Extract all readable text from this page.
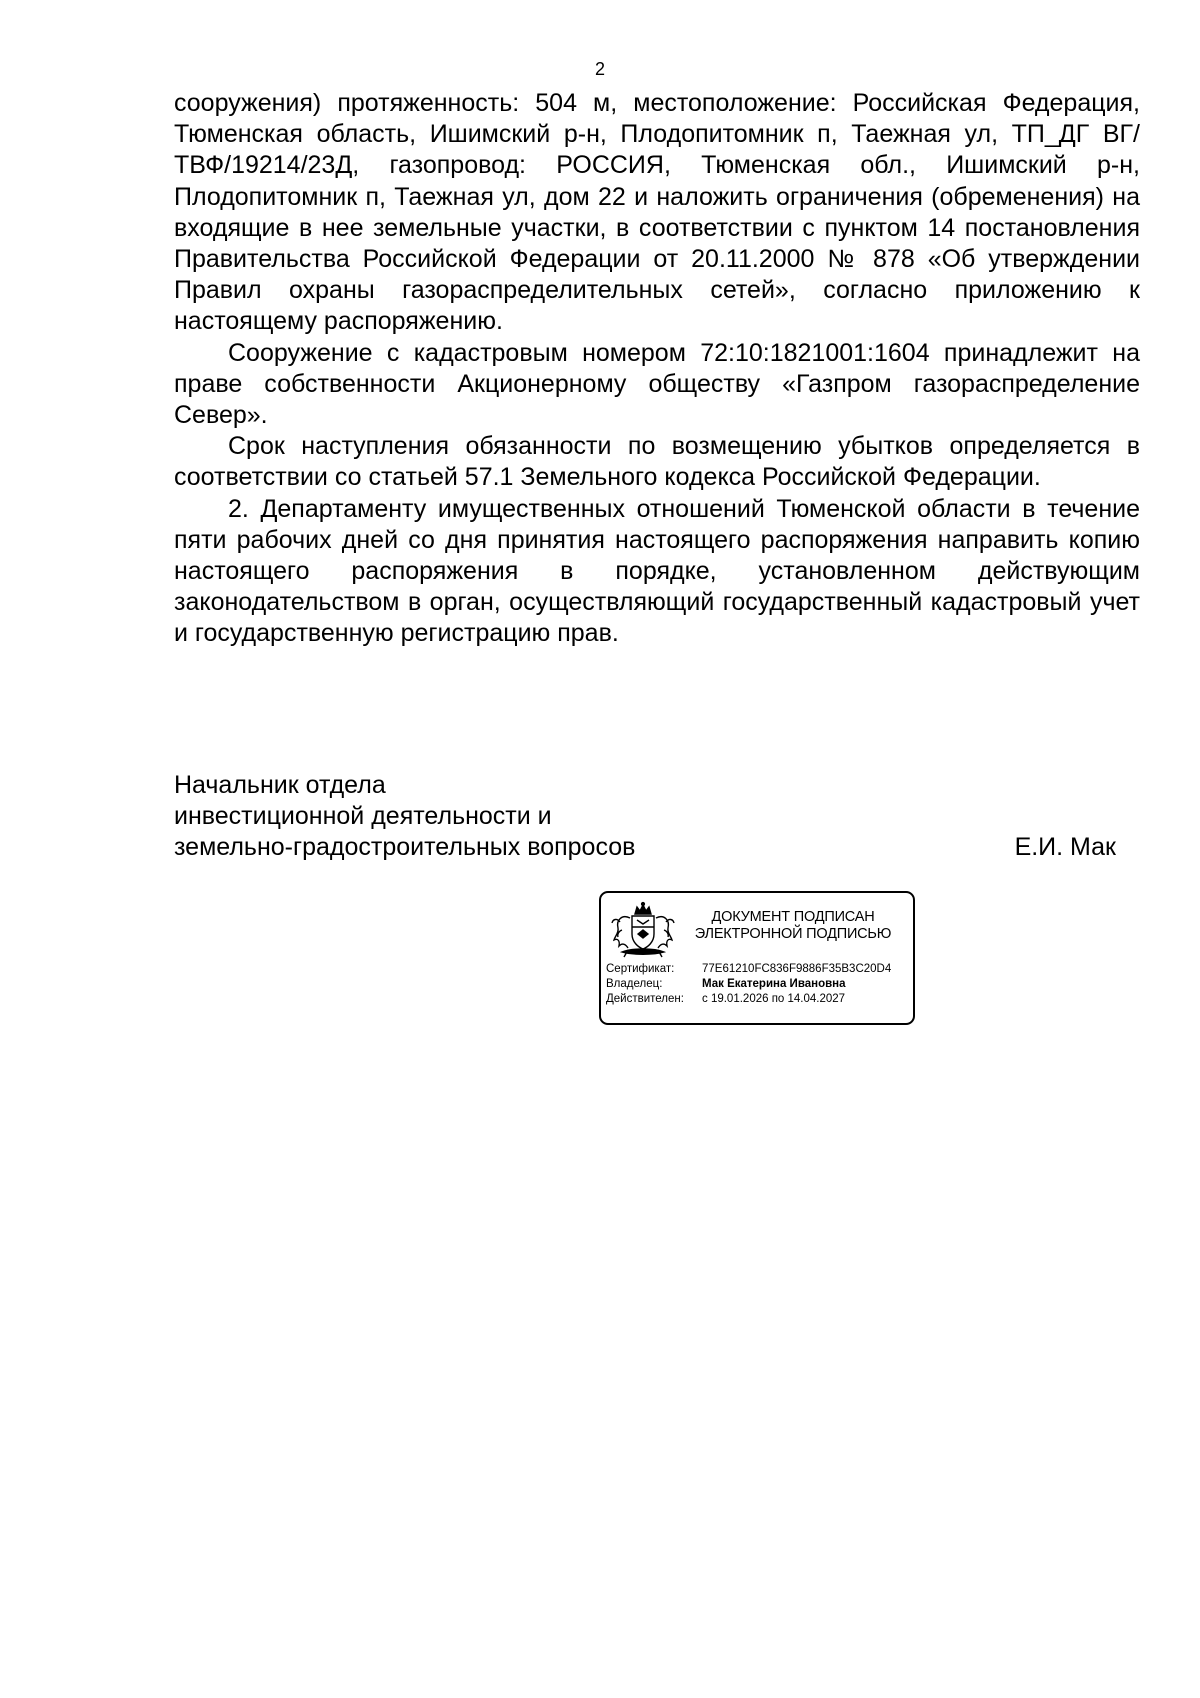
2

сооружения) протяженность: 504 м, местоположение: Российская Федерация, Тюменская область, Ишимский р-н, Плодопитомник п, Таежная ул, ТП_ДГ ВГ/ТВФ/19214/23Д, газопровод: РОССИЯ, Тюменская обл., Ишимский р-н, Плодопитомник п, Таежная ул, дом 22 и наложить ограничения (обременения) на входящие в нее земельные участки, в соответствии с пунктом 14 постановления Правительства Российской Федерации от 20.11.2000 № 878 «Об утверждении Правил охраны газораспределительных сетей», согласно приложению к настоящему распоряжению.

Сооружение с кадастровым номером 72:10:1821001:1604 принадлежит на праве собственности Акционерному обществу «Газпром газораспределение Север».

Срок наступления обязанности по возмещению убытков определяется в соответствии со статьей 57.1 Земельного кодекса Российской Федерации.

2. Департаменту имущественных отношений Тюменской области в течение пяти рабочих дней со дня принятия настоящего распоряжения направить копию настоящего распоряжения в порядке, установленном действующим законодательством в орган, осуществляющий государственный кадастровый учет и государственную регистрацию прав.

Начальник отдела
инвестиционной деятельности и
земельно-градостроительных вопросов	Е.И. Мак
ДОКУМЕНТ ПОДПИСАН
ЭЛЕКТРОННОЙ ПОДПИСЬЮ
Сертификат:	77E61210FC836F9886F35B3C20D4
Владелец:	Мак Екатерина Ивановна
Действителен:	с 19.01.2026 по 14.04.2027
